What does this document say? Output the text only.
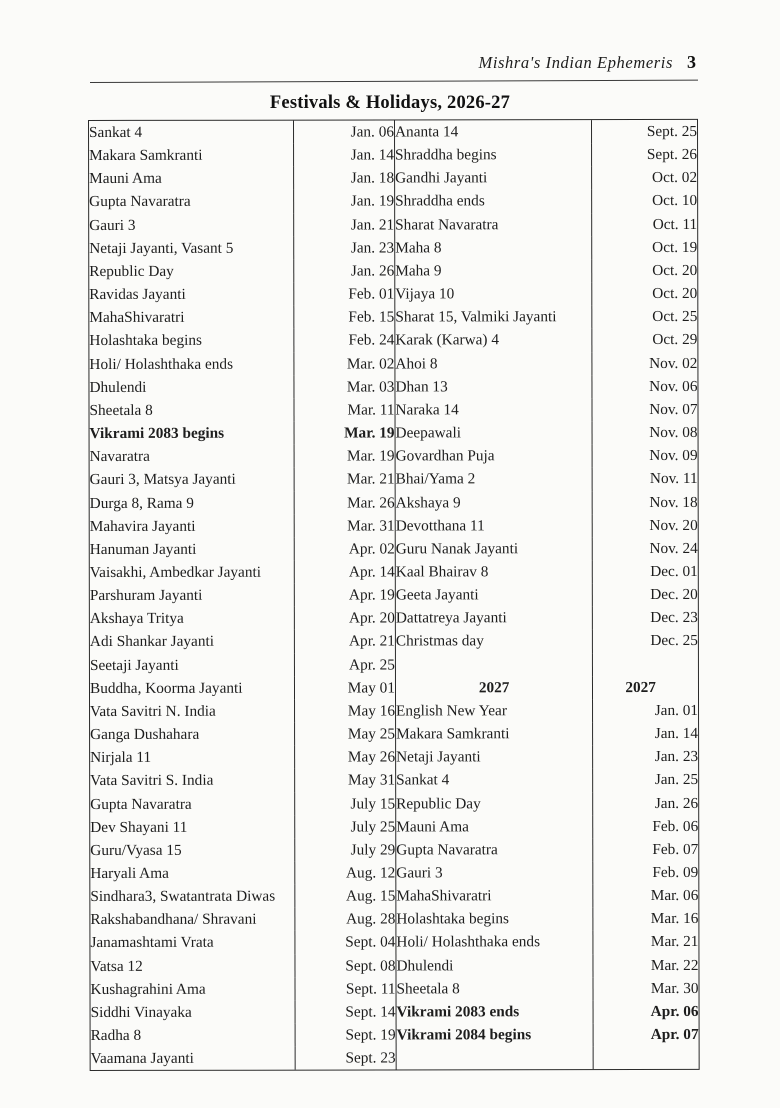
Mishra's Indian Ephemeris 3
Festivals & Holidays, 2026-27
Sankat 4	Jan. 06	Ananta 14	Sept. 25
Makara Samkranti	Jan. 14	Shraddha begins	Sept. 26
Mauni Ama	Jan. 18	Gandhi Jayanti	Oct. 02
Gupta Navaratra	Jan. 19	Shraddha ends	Oct. 10
Gauri 3	Jan. 21	Sharat Navaratra	Oct. 11
Netaji Jayanti, Vasant 5	Jan. 23	Maha 8	Oct. 19
Republic Day	Jan. 26	Maha 9	Oct. 20
Ravidas Jayanti	Feb. 01	Vijaya 10	Oct. 20
MahaShivaratri	Feb. 15	Sharat 15, Valmiki Jayanti	Oct. 25
Holashtaka begins	Feb. 24	Karak (Karwa) 4	Oct. 29
Holi/ Holashthaka ends	Mar. 02	Ahoi 8	Nov. 02
Dhulendi	Mar. 03	Dhan 13	Nov. 06
Sheetala 8	Mar. 11	Naraka 14	Nov. 07
Vikrami 2083 begins	Mar. 19	Deepawali	Nov. 08
Navaratra	Mar. 19	Govardhan Puja	Nov. 09
Gauri 3, Matsya Jayanti	Mar. 21	Bhai/Yama 2	Nov. 11
Durga 8, Rama 9	Mar. 26	Akshaya 9	Nov. 18
Mahavira Jayanti	Mar. 31	Devotthana 11	Nov. 20
Hanuman Jayanti	Apr. 02	Guru Nanak Jayanti	Nov. 24
Vaisakhi, Ambedkar Jayanti	Apr. 14	Kaal Bhairav 8	Dec. 01
Parshuram Jayanti	Apr. 19	Geeta Jayanti	Dec. 20
Akshaya Tritya	Apr. 20	Dattatreya Jayanti	Dec. 23
Adi Shankar Jayanti	Apr. 21	Christmas day	Dec. 25
Seetaji Jayanti	Apr. 25		
Buddha, Koorma Jayanti	May 01	2027	2027
Vata Savitri N. India	May 16	English New Year	Jan. 01
Ganga Dushahara	May 25	Makara Samkranti	Jan. 14
Nirjala 11	May 26	Netaji Jayanti	Jan. 23
Vata Savitri S. India	May 31	Sankat 4	Jan. 25
Gupta Navaratra	July 15	Republic Day	Jan. 26
Dev Shayani 11	July 25	Mauni Ama	Feb. 06
Guru/Vyasa 15	July 29	Gupta Navaratra	Feb. 07
Haryali Ama	Aug. 12	Gauri 3	Feb. 09
Sindhara3, Swatantrata Diwas	Aug. 15	MahaShivaratri	Mar. 06
Rakshabandhana/ Shravani	Aug. 28	Holashtaka begins	Mar. 16
Janamashtami Vrata	Sept. 04	Holi/ Holashthaka ends	Mar. 21
Vatsa 12	Sept. 08	Dhulendi	Mar. 22
Kushagrahini Ama	Sept. 11	Sheetala 8	Mar. 30
Siddhi Vinayaka	Sept. 14	Vikrami 2083 ends	Apr. 06
Radha 8	Sept. 19	Vikrami 2084 begins	Apr. 07
Vaamana Jayanti	Sept. 23		
